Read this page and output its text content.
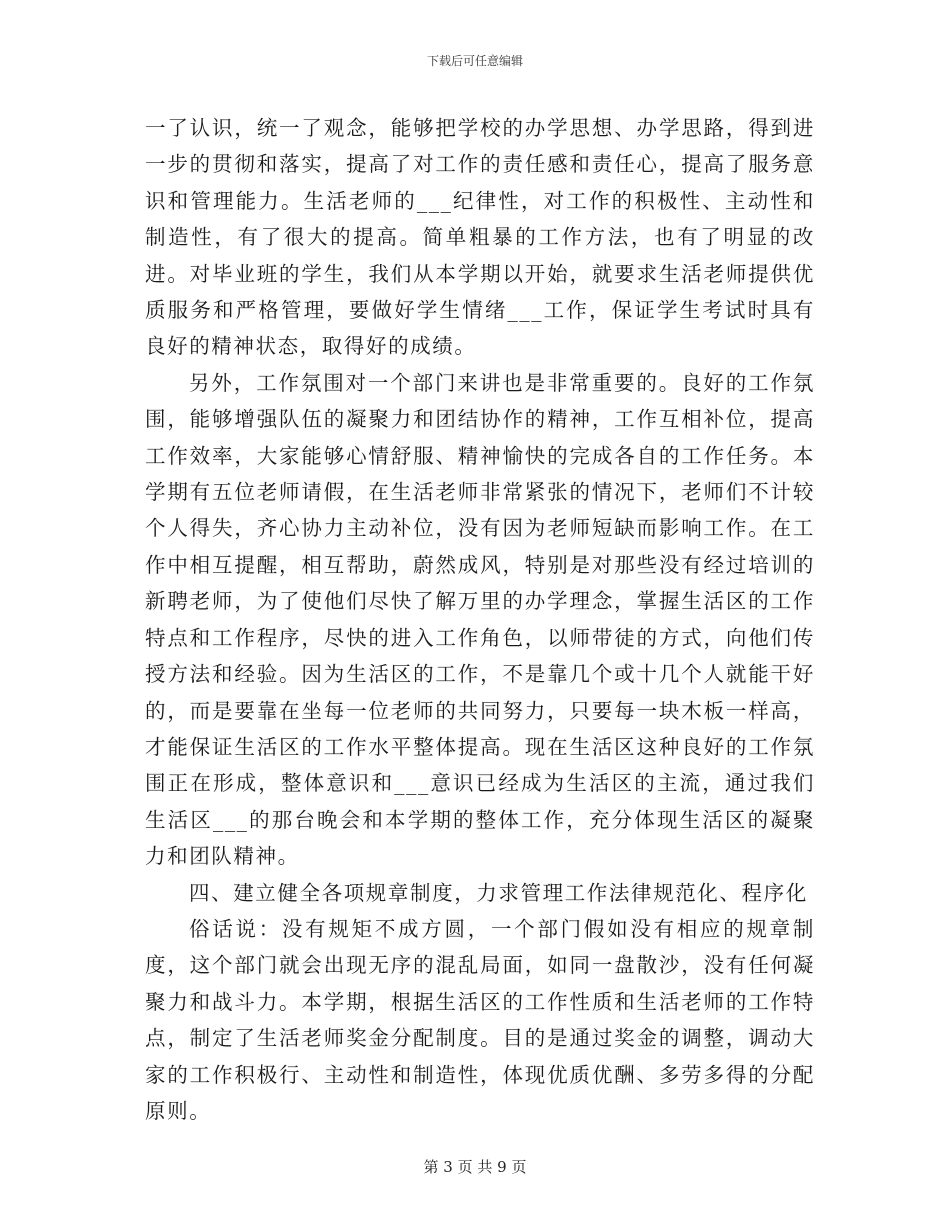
下载后可任意编辑

一了认识，统一了观念，能够把学校的办学思想、办学思路，得到进一步的贯彻和落实，提高了对工作的责任感和责任心，提高了服务意识和管理能力。生活老师的___纪律性，对工作的积极性、主动性和制造性，有了很大的提高。简单粗暴的工作方法，也有了明显的改进。对毕业班的学生，我们从本学期以开始，就要求生活老师提供优质服务和严格管理，要做好学生情绪___工作，保证学生考试时具有良好的精神状态，取得好的成绩。

另外，工作氛围对一个部门来讲也是非常重要的。良好的工作氛围，能够增强队伍的凝聚力和团结协作的精神，工作互相补位，提高工作效率，大家能够心情舒服、精神愉快的完成各自的工作任务。本学期有五位老师请假，在生活老师非常紧张的情况下，老师们不计较个人得失，齐心协力主动补位，没有因为老师短缺而影响工作。在工作中相互提醒，相互帮助，蔚然成风，特别是对那些没有经过培训的新聘老师，为了使他们尽快了解万里的办学理念，掌握生活区的工作特点和工作程序，尽快的进入工作角色，以师带徒的方式，向他们传授方法和经验。因为生活区的工作，不是靠几个或十几个人就能干好的，而是要靠在坐每一位老师的共同努力，只要每一块木板一样高，才能保证生活区的工作水平整体提高。现在生活区这种良好的工作氛围正在形成，整体意识和___意识已经成为生活区的主流，通过我们生活区___的那台晚会和本学期的整体工作，充分体现生活区的凝聚力和团队精神。

四、建立健全各项规章制度，力求管理工作法律规范化、程序化

俗话说：没有规矩不成方圆，一个部门假如没有相应的规章制度，这个部门就会出现无序的混乱局面，如同一盘散沙，没有任何凝聚力和战斗力。本学期，根据生活区的工作性质和生活老师的工作特点，制定了生活老师奖金分配制度。目的是通过奖金的调整，调动大家的工作积极行、主动性和制造性，体现优质优酬、多劳多得的分配原则。

第 3 页 共 9 页
